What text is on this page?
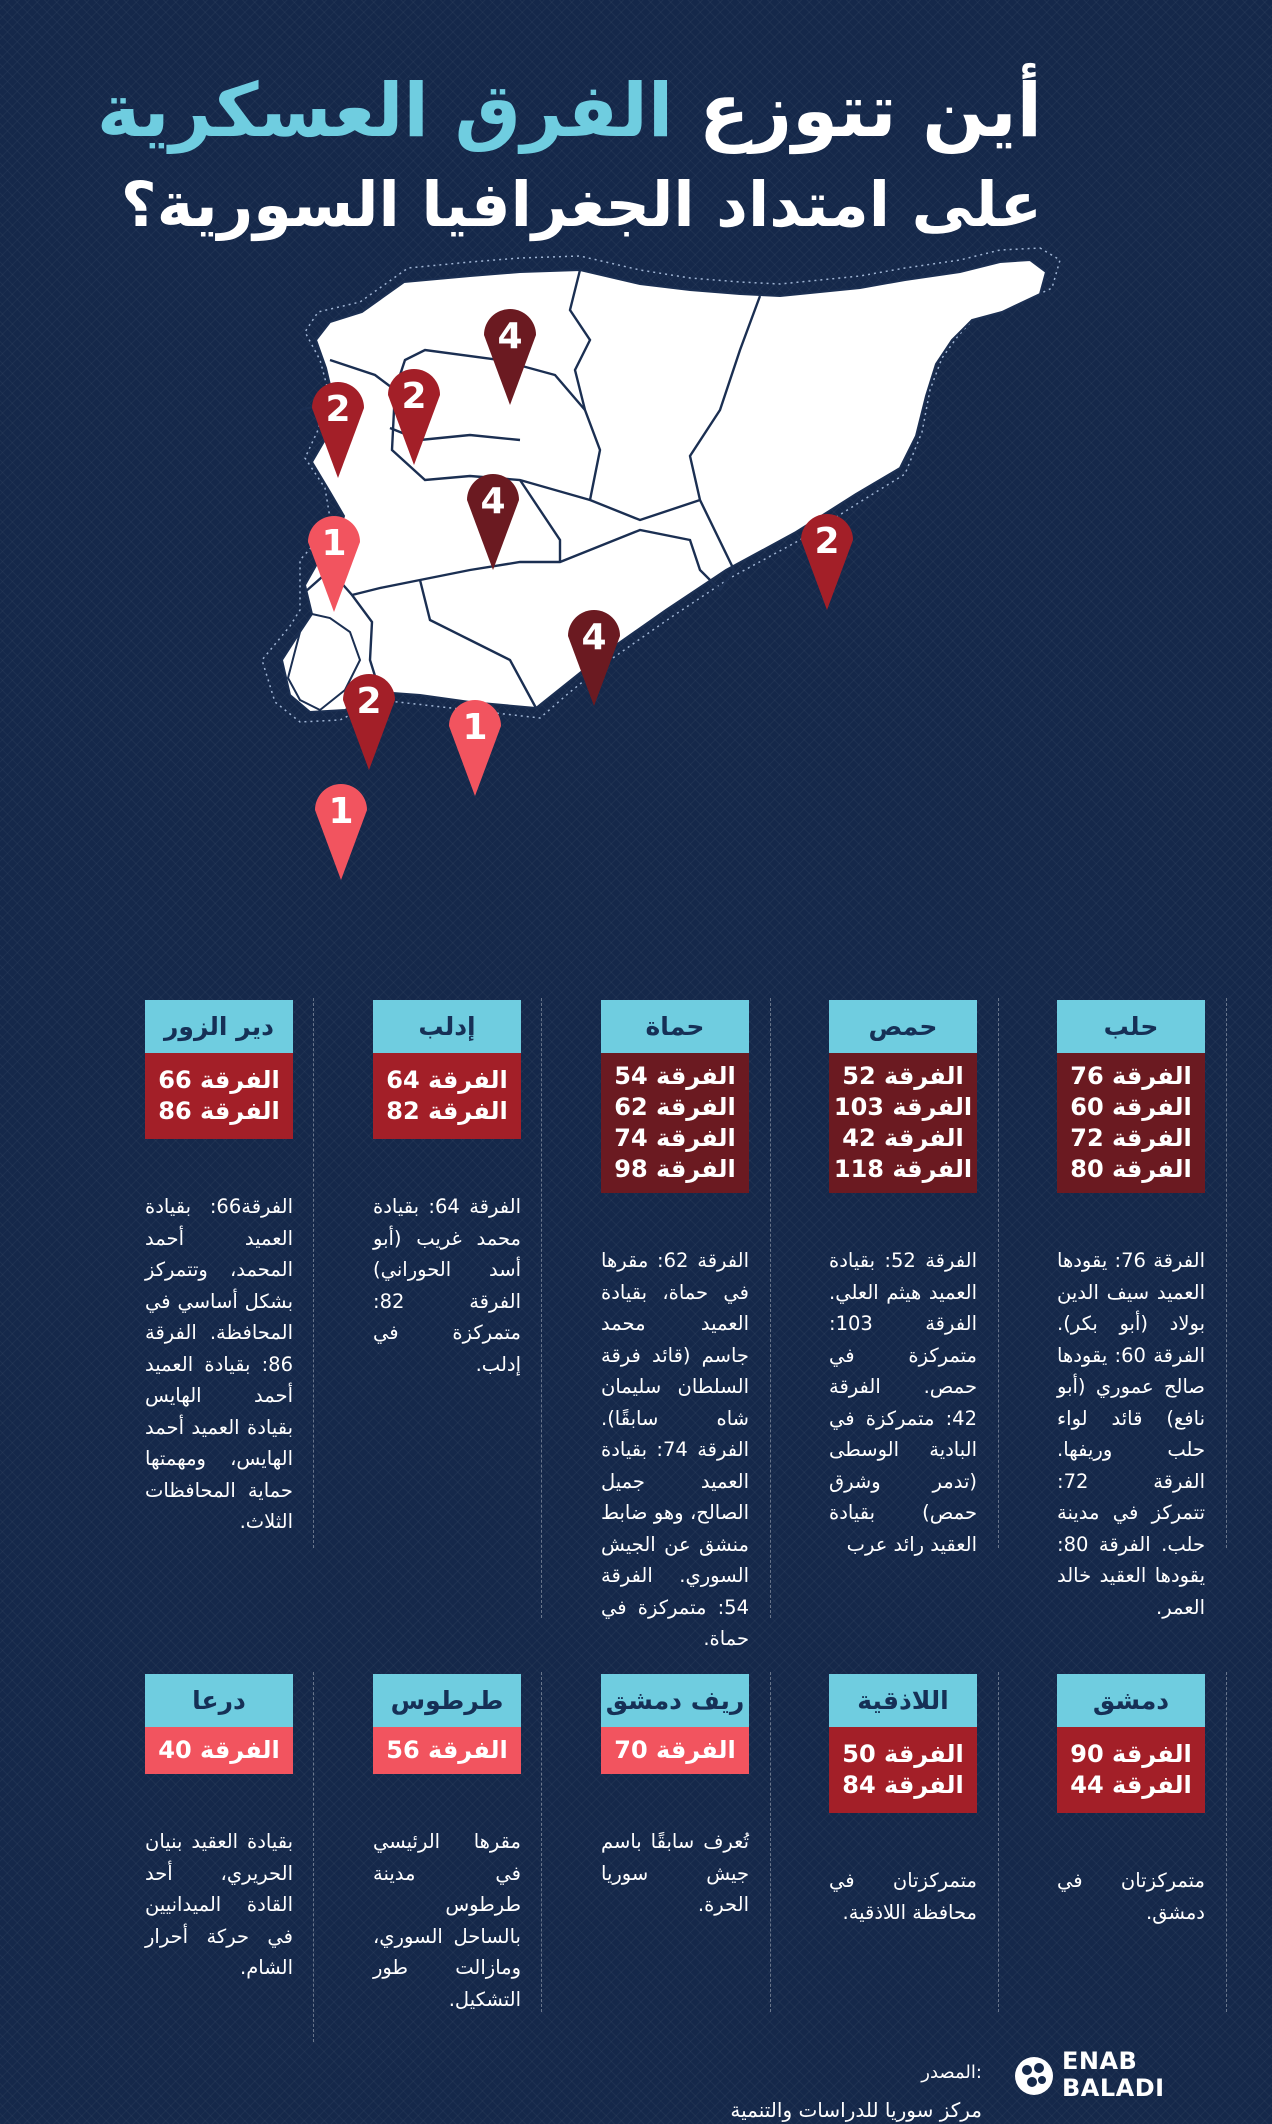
أين تتوزع الفرق العسكرية
على امتداد الجغرافيا السورية؟
4
2 2
4
1	2
4
2
1
1
حلب
الفرقة 76
الفرقة 60
الفرقة 72
الفرقة 80
الفرقة 76: يقودها العميد سيف الدين بولاد (أبو بكر). الفرقة 60: يقودها صالح عموري (أبو نافع) قائد لواء حلب وريفها. الفرقة 72: تتمركز في مدينة حلب. الفرقة 80: يقودها العقيد خالد العمر.
حمص
الفرقة 52
الفرقة 103
الفرقة 42
الفرقة 118
الفرقة 52: بقيادة العميد هيثم العلي. الفرقة 103: متمركزة في حمص. الفرقة 42: متمركزة في البادية الوسطى (تدمر وشرق حمص) بقيادة العقيد رائد عرب
حماة
الفرقة 54
الفرقة 62
الفرقة 74
الفرقة 98
الفرقة 62: مقرها في حماة، بقيادة العميد محمد جاسم (قائد فرقة السلطان سليمان شاه سابقًا). الفرقة 74: بقيادة العميد جميل الصالح، وهو ضابط منشق عن الجيش السوري. الفرقة 54: متمركزة في حماة.
إدلب
الفرقة 64
الفرقة 82
الفرقة 64: بقيادة محمد غريب (أبو أسد الحوراني) الفرقة 82: متمركزة في إدلب.
دير الزور
الفرقة 66
الفرقة 86
الفرقة66: بقيادة العميد أحمد المحمد، وتتمركز بشكل أساسي في المحافظة. الفرقة 86: بقيادة العميد أحمد الهايس بقيادة العميد أحمد الهايس، ومهمتها حماية المحافظات الثلاث.
دمشق
الفرقة 90
الفرقة 44
متمركزتان في دمشق.
اللاذقية
الفرقة 50
الفرقة 84
متمركزتان في محافظة اللاذقية.
ريف دمشق
الفرقة 70
تُعرف سابقًا باسم جيش سوريا الحرة.
طرطوس
الفرقة 56
مقرها الرئيسي في مدينة طرطوس بالساحل السوري، ومازالت طور التشكيل.
درعا
الفرقة 40
بقيادة العقيد بنيان الحريري، أحد القادة الميدانيين في حركة أحرار الشام.
المصدر:
مركز سوريا للدراسات والتنمية
ENAB
BALADI
